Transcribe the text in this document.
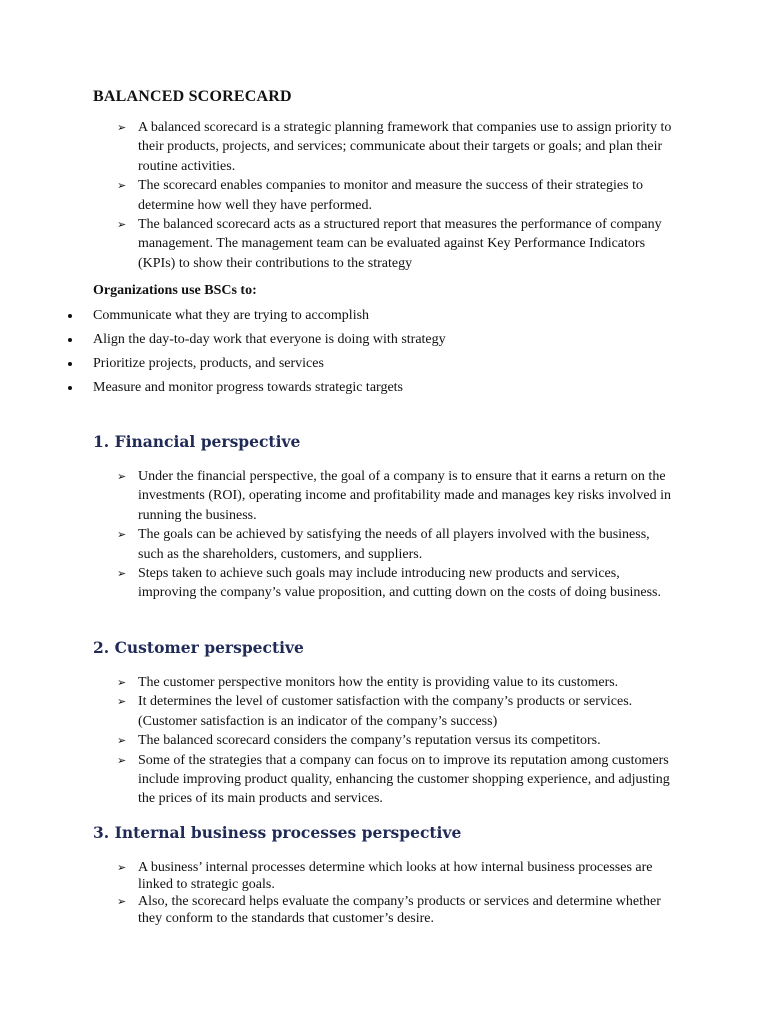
BALANCED SCORECARD
➢ A balanced scorecard is a strategic planning framework that companies use to assign priority to their products, projects, and services; communicate about their targets or goals; and plan their routine activities.
➢ The scorecard enables companies to monitor and measure the success of their strategies to determine how well they have performed.
➢ The balanced scorecard acts as a structured report that measures the performance of company management. The management team can be evaluated against Key Performance Indicators (KPIs) to show their contributions to the strategy

Organizations use BSCs to:

Communicate what they are trying to accomplish
Align the day-to-day work that everyone is doing with strategy
Prioritize projects, products, and services
Measure and monitor progress towards strategic targets
1. Financial perspective
➢ Under the financial perspective, the goal of a company is to ensure that it earns a return on the investments (ROI), operating income and profitability made and manages key risks involved in running the business.
➢ The goals can be achieved by satisfying the needs of all players involved with the business, such as the shareholders, customers, and suppliers.
➢ Steps taken to achieve such goals may include introducing new products and services, improving the company’s value proposition, and cutting down on the costs of doing business.
2. Customer perspective
➢ The customer perspective monitors how the entity is providing value to its customers.
➢ It determines the level of customer satisfaction with the company’s products or services. (Customer satisfaction is an indicator of the company’s success)
➢ The balanced scorecard considers the company’s reputation versus its competitors.
➢ Some of the strategies that a company can focus on to improve its reputation among customers include improving product quality, enhancing the customer shopping experience, and adjusting the prices of its main products and services.
3. Internal business processes perspective
➢ A business’ internal processes determine which looks at how internal business processes are linked to strategic goals.
➢ Also, the scorecard helps evaluate the company’s products or services and determine whether they conform to the standards that customer’s desire.
